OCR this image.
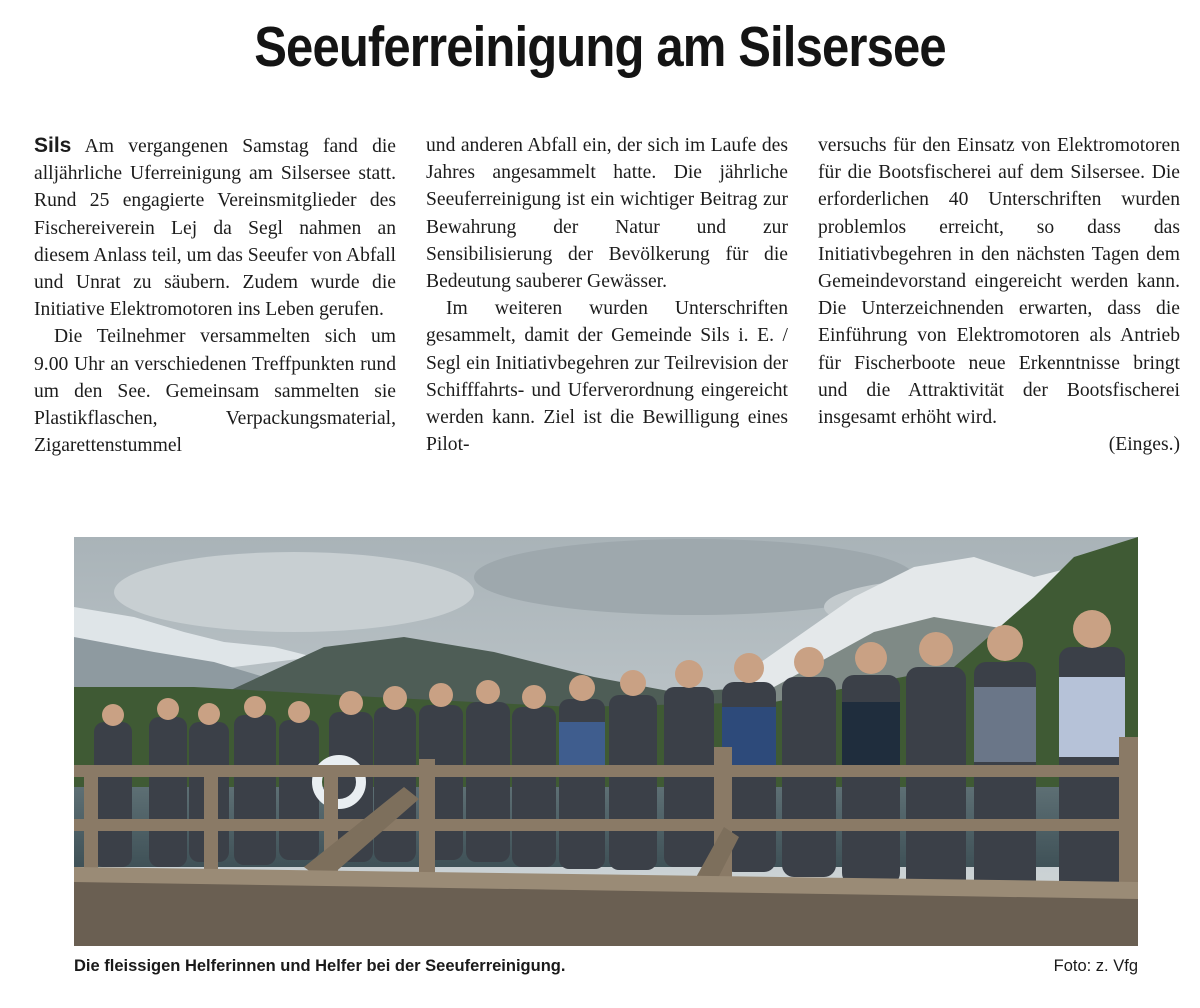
Seeuferreinigung am Silsersee

Sils Am vergangenen Samstag fand die alljährliche Uferreinigung am Silsersee statt. Rund 25 engagierte Vereinsmitglieder des Fischereiverein Lej da Segl nahmen an diesem Anlass teil, um das Seeufer von Abfall und Unrat zu säubern. Zudem wurde die Initiative Elektromotoren ins Leben gerufen.

Die Teilnehmer versammelten sich um 9.00 Uhr an verschiedenen Treffpunkten rund um den See. Gemeinsam sammelten sie Plastikflaschen, Verpackungsmaterial, Zigarettenstummel

und anderen Abfall ein, der sich im Laufe des Jahres angesammelt hatte. Die jährliche Seeuferreinigung ist ein wichtiger Beitrag zur Bewahrung der Natur und zur Sensibilisierung der Bevölkerung für die Bedeutung sauberer Gewässer.

Im weiteren wurden Unterschriften gesammelt, damit der Gemeinde Sils i. E. / Segl ein Initiativbegehren zur Teilrevision der Schifffahrts- und Uferverordnung eingereicht werden kann. Ziel ist die Bewilligung eines Pilot-

versuchs für den Einsatz von Elektromotoren für die Bootsfischerei auf dem Silsersee. Die erforderlichen 40 Unterschriften wurden problemlos erreicht, so dass das Initiativbegehren in den nächsten Tagen dem Gemeindevorstand eingereicht werden kann. Die Unterzeichnenden erwarten, dass die Einführung von Elektromotoren als Antrieb für Fischerboote neue Erkenntnisse bringt und die Attraktivität der Bootsfischerei insgesamt erhöht wird.

(Einges.)
Die fleissigen Helferinnen und Helfer bei der Seeuferreinigung.	Foto: z. Vfg
